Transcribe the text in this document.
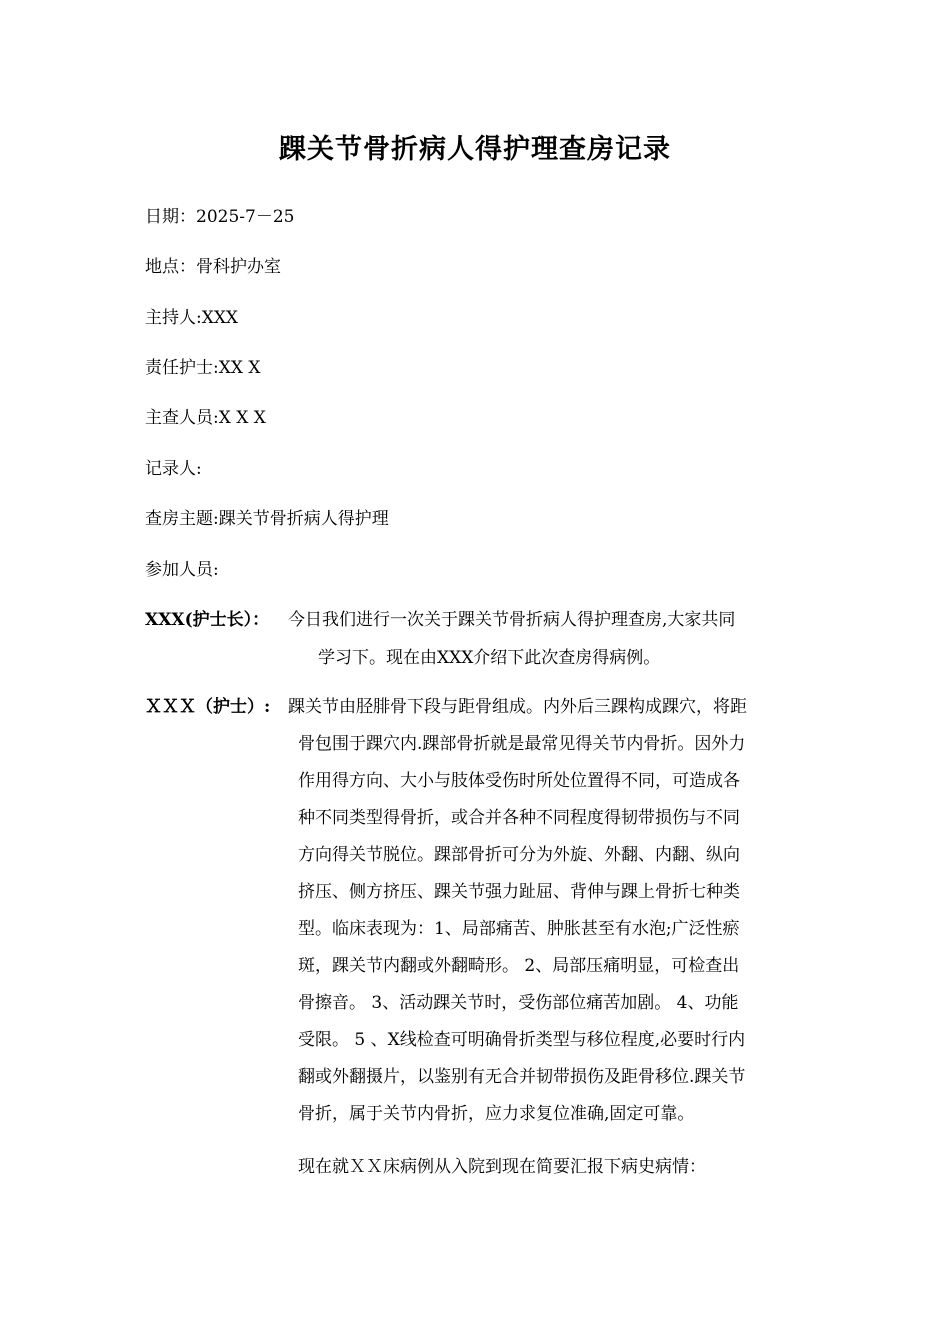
踝关节骨折病人得护理查房记录
日期：2025-7－25
地点：骨科护办室
主持人:XXX
责任护士:XX X
主查人员:X X X
记录人:
查房主题:踝关节骨折病人得护理
参加人员:
XXX(护士长）： 今日我们进行一次关于踝关节骨折病人得护理查房,大家共同
学习下。现在由XXX介绍下此次查房得病例。
ＸＸＸ（护士）: 踝关节由胫腓骨下段与距骨组成。内外后三踝构成踝穴，将距
骨包围于踝穴内.踝部骨折就是最常见得关节内骨折。因外力
作用得方向、大小与肢体受伤时所处位置得不同，可造成各
种不同类型得骨折，或合并各种不同程度得韧带损伤与不同
方向得关节脱位。踝部骨折可分为外旋、外翻、内翻、纵向
挤压、侧方挤压、踝关节强力趾屈、背伸与踝上骨折七种类
型。临床表现为：1、局部痛苦、肿胀甚至有水泡;广泛性瘀
斑，踝关节内翻或外翻畸形。 2、局部压痛明显，可检查出
骨擦音。 3、活动踝关节时，受伤部位痛苦加剧。 4、功能
受限。 5 、X线检查可明确骨折类型与移位程度,必要时行内
翻或外翻摄片，以鉴别有无合并韧带损伤及距骨移位.踝关节
骨折，属于关节内骨折，应力求复位准确,固定可靠。
现在就ＸＸ床病例从入院到现在简要汇报下病史病情：
